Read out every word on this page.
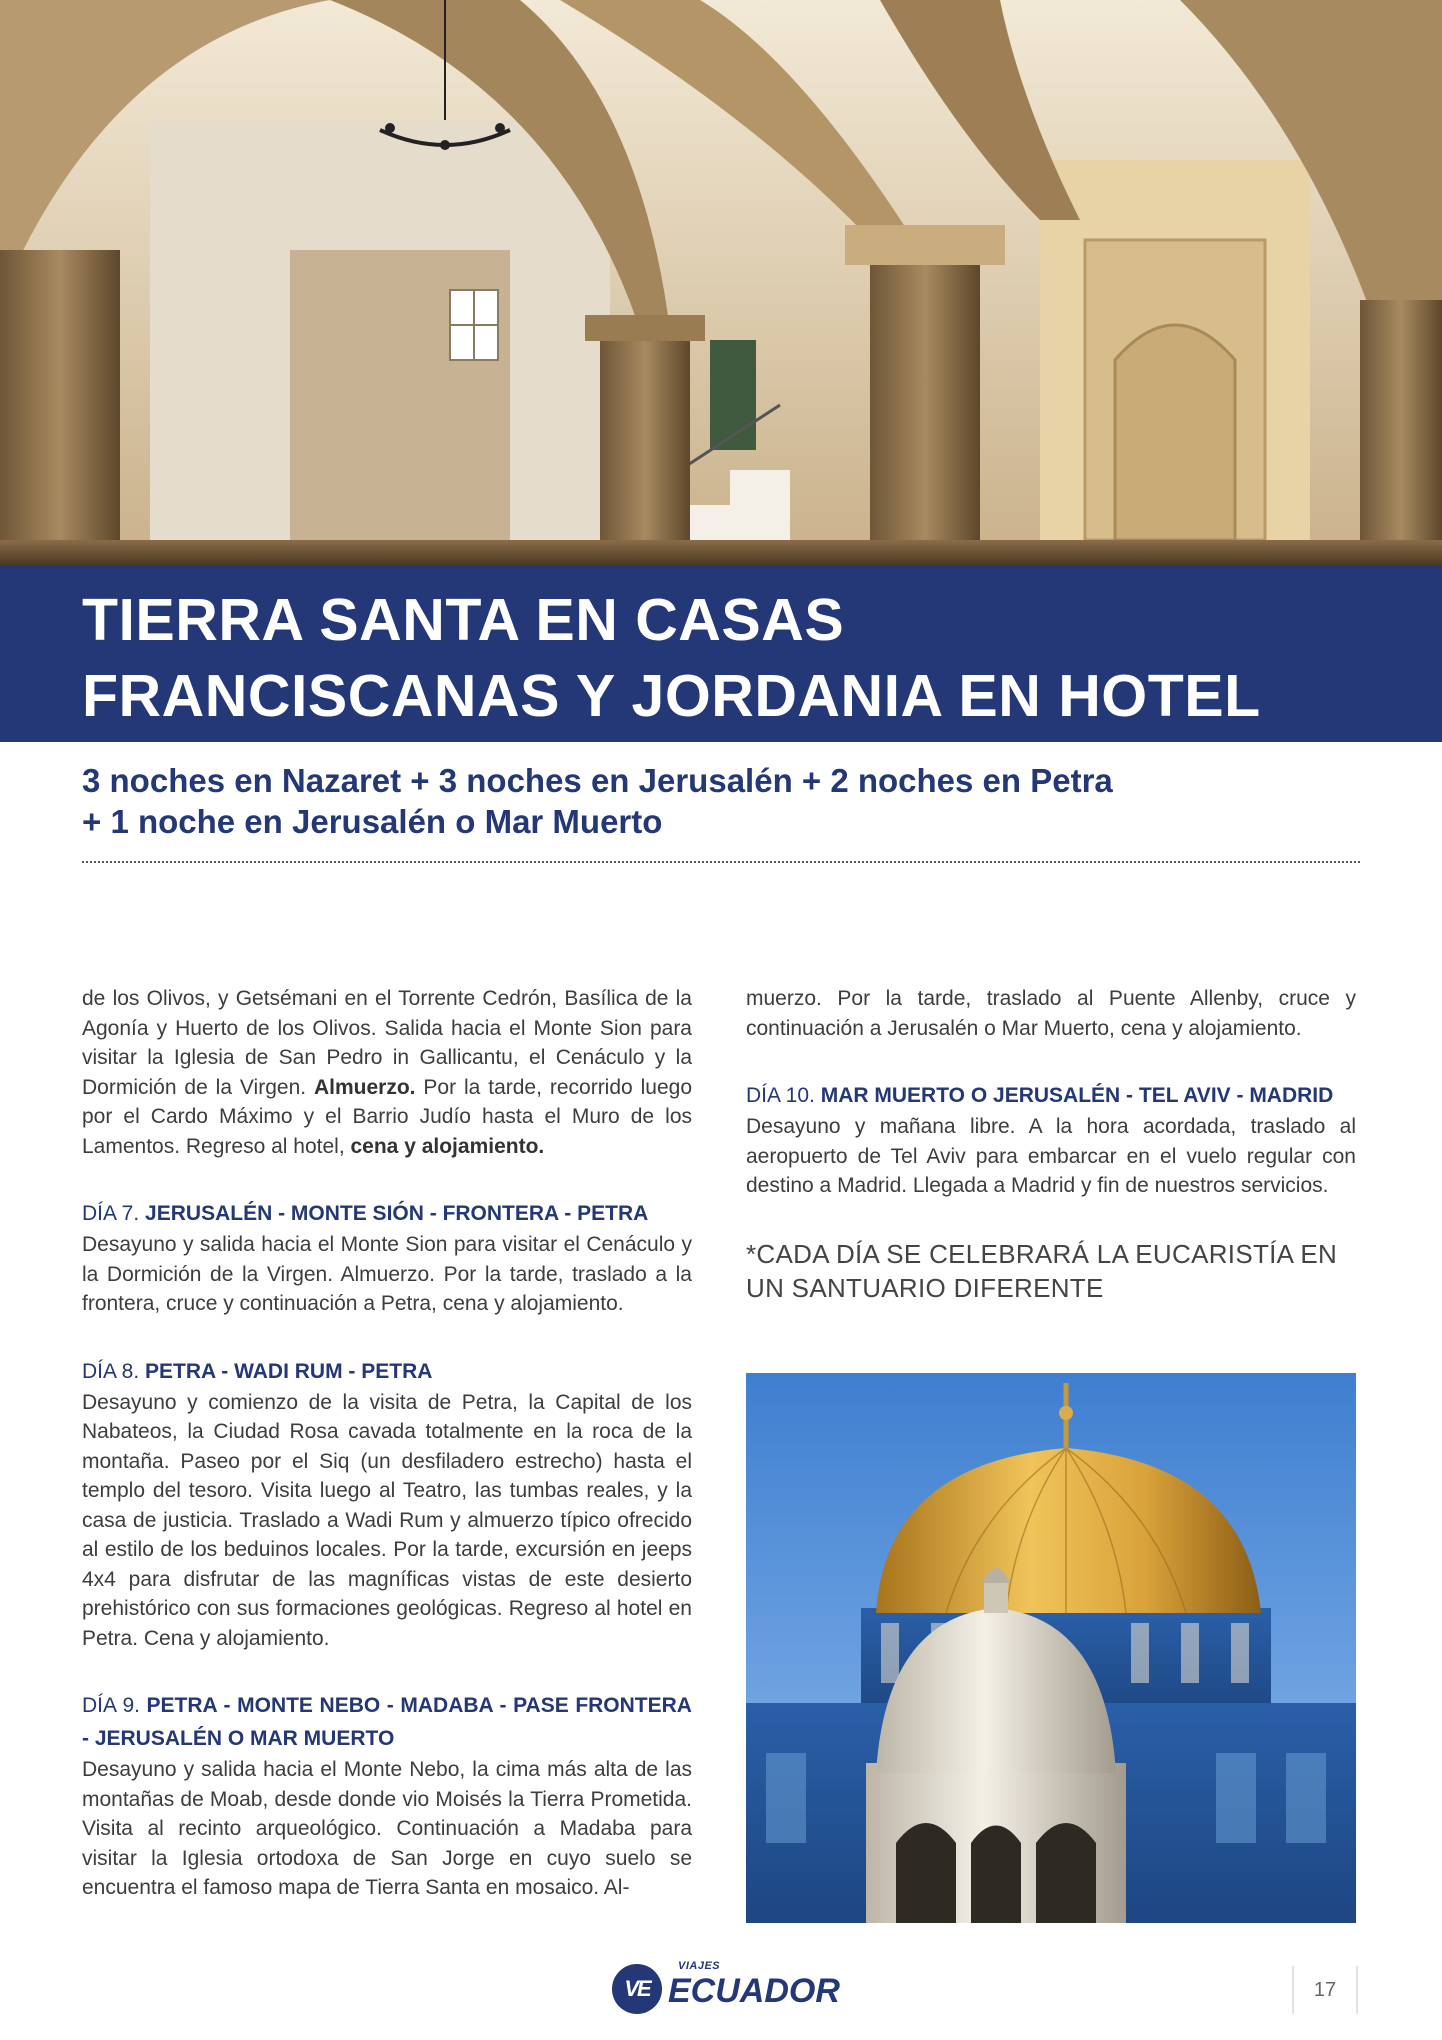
TIERRA SANTA EN CASAS
FRANCISCANAS Y JORDANIA EN HOTEL
3 noches en Nazaret + 3 noches en Jerusalén + 2 noches en Petra
+ 1 noche en Jerusalén o Mar Muerto

de los Olivos, y Getsémani en el Torrente Cedrón, Basílica de la Agonía y Huerto de los Olivos. Salida hacia el Monte Sion para visitar la Iglesia de San Pedro in Gallicantu, el Cenáculo y la Dormición de la Virgen. Almuerzo. Por la tarde, recorrido luego por el Cardo Máximo y el Barrio Judío hasta el Muro de los Lamentos. Regreso al hotel, cena y alojamiento.

DÍA 7. JERUSALÉN - MONTE SIÓN - FRONTERA - PETRA

Desayuno y salida hacia el Monte Sion para visitar el Cenáculo y la Dormición de la Virgen. Almuerzo. Por la tarde, traslado a la frontera, cruce y continuación a Petra, cena y alojamiento.

DÍA 8. PETRA - WADI RUM - PETRA

Desayuno y comienzo de la visita de Petra, la Capital de los Nabateos, la Ciudad Rosa cavada totalmente en la roca de la montaña. Paseo por el Siq (un desfiladero estrecho) hasta el templo del tesoro. Visita luego al Teatro, las tumbas reales, y la casa de justicia. Traslado a Wadi Rum y almuerzo típico ofrecido al estilo de los beduinos locales. Por la tarde, excursión en jeeps 4x4 para disfrutar de las magníficas vistas de este desierto prehistórico con sus formaciones geológicas. Regreso al hotel en Petra. Cena y alojamiento.

DÍA 9. PETRA - MONTE NEBO - MADABA - PASE FRONTERA - JERUSALÉN O MAR MUERTO

Desayuno y salida hacia el Monte Nebo, la cima más alta de las montañas de Moab, desde donde vio Moisés la Tierra Prometida. Visita al recinto arqueológico. Continuación a Madaba para visitar la Iglesia ortodoxa de San Jorge en cuyo suelo se encuentra el famoso mapa de Tierra Santa en mosaico. Al-

muerzo. Por la tarde, traslado al Puente Allenby, cruce y continuación a Jerusalén o Mar Muerto, cena y alojamiento.

DÍA 10. MAR MUERTO O JERUSALÉN - TEL AVIV - MADRID

Desayuno y mañana libre. A la hora acordada, traslado al aeropuerto de Tel Aviv para embarcar en el vuelo regular con destino a Madrid. Llegada a Madrid y fin de nuestros servicios.

*CADA DÍA SE CELEBRARÁ LA EUCARISTÍA EN UN SANTUARIO DIFERENTE

VE
VIAJES
ECUADOR	17
